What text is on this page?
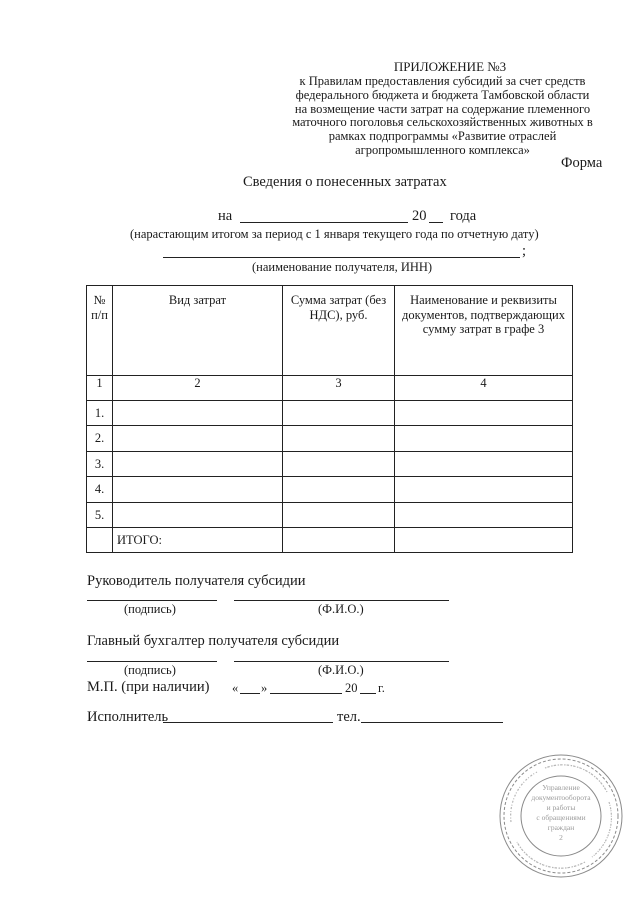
ПРИЛОЖЕНИЕ №3
к Правилам предоставления субсидий за счет средств
федерального бюджета и бюджета Тамбовской области
на возмещение части затрат на содержание племенного
маточного поголовья сельскохозяйственных животных в
рамках подпрограммы «Развитие отраслей
агропромышленного комплекса»
Форма
Сведения о понесенных затратах
на	20 года
(нарастающим итогом за период с 1 января текущего года по отчетную дату)
;
(наименование получателя, ИНН)
№ п/п	Вид затрат	Сумма затрат (без НДС), руб.	Наименование и реквизиты документов, подтверждающих сумму затрат в графе 3
1	2	3	4
1.			
2.			
3.			
4.			
5.			
	ИТОГО:		
Руководитель получателя субсидии
(подпись)	(Ф.И.О.)
Главный бухгалтер получателя субсидии
(подпись)	(Ф.И.О.)
М.П. (при наличии) « »	20 г.
Исполнитель	тел.
Управление
документооборота
и работы
с обращениями
граждан
2
